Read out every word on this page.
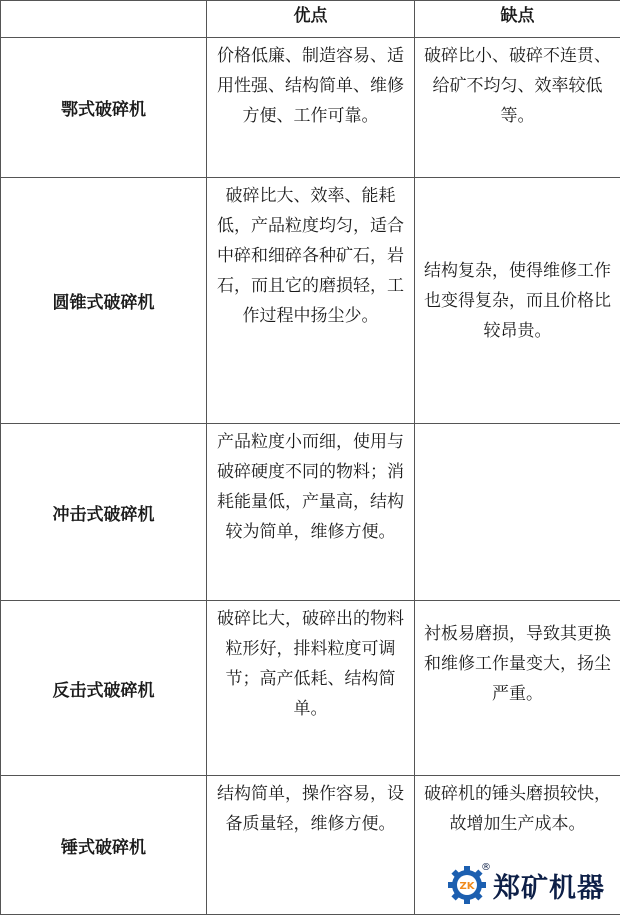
	优点	缺点
鄂式破碎机	价格低廉、制造容易、适用性强、结构简单、维修方便、工作可靠。	破碎比小、破碎不连贯、给矿不均匀、效率较低等。
圆锥式破碎机	破碎比大、效率、能耗低，产品粒度均匀，适合中碎和细碎各种矿石，岩石，而且它的磨损轻，工作过程中扬尘少。	结构复杂，使得维修工作也变得复杂，而且价格比较昂贵。
冲击式破碎机	产品粒度小而细，使用与破碎硬度不同的物料；消耗能量低，产量高，结构较为简单，维修方便。	
反击式破碎机	破碎比大，破碎出的物料粒形好，排料粒度可调节；高产低耗、结构简单。	衬板易磨损，导致其更换和维修工作量变大，扬尘严重。
锤式破碎机	结构简单，操作容易，设备质量轻，维修方便。	破碎机的锤头磨损较快，故增加生产成本。
ZK
®
郑矿机器
